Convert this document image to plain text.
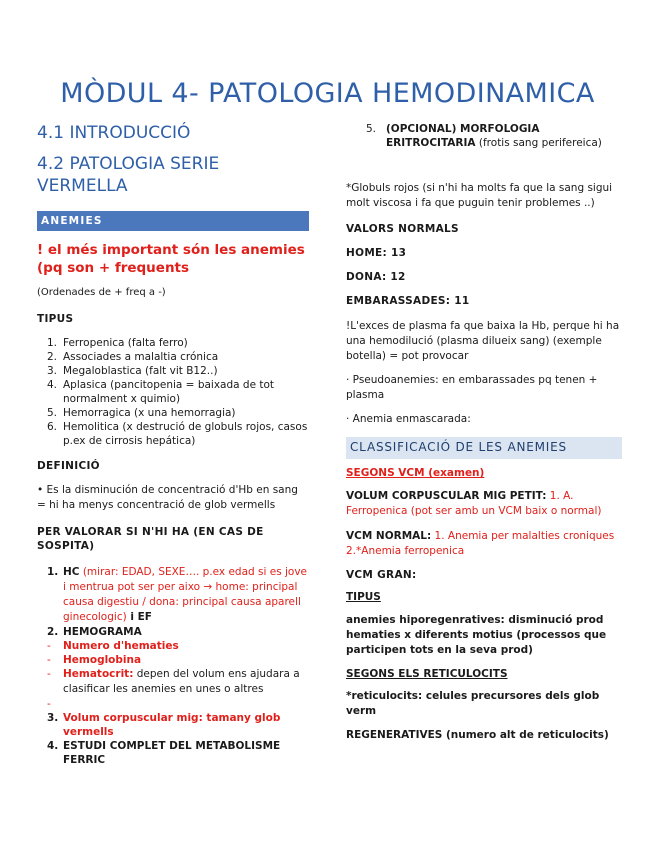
MÒDUL 4- PATOLOGIA HEMODINAMICA
4.1 INTRODUCCIÓ
4.2 PATOLOGIA SERIE VERMELLA
ANEMIES
! el més important són les anemies (pq son + frequents
(Ordenades de + freq a -)
TIPUS
1. Ferropenica (falta ferro)
2. Associades a malaltia crónica
3. Megaloblastica (falt vit B12..)
4. Aplasica (pancitopenia = baixada de tot normalment x quimio)
5. Hemorragica (x una hemorragia)
6. Hemolitica (x destrució de globuls rojos, casos p.ex de cirrosis hepática)
DEFINICIÓ
• Es la disminución de concentració d'Hb en sang = hi ha menys concentració de glob vermells
PER VALORAR SI N'HI HA (EN CAS DE SOSPITA)
1. HC (mirar: EDAD, SEXE…. p.ex edad si es jove i mentrua pot ser per aixo → home: principal causa digestiu / dona: principal causa aparell ginecologic) i EF
2. HEMOGRAMA
-	Numero d'hematies
-	Hemoglobina
-	Hematocrit: depen del volum ens ajudara a clasificar les anemies en unes o altres
-
3. Volum corpuscular mig: tamany glob vermells
4. ESTUDI COMPLET DEL METABOLISME FERRIC
5. (OPCIONAL) MORFOLOGIA ERITROCITARIA (frotis sang perifereica)
*Globuls rojos (si n'hi ha molts fa que la sang sigui molt viscosa i fa que puguin tenir problemes ..)
VALORS NORMALS
HOME: 13
DONA: 12
EMBARASSADES: 11
!L'exces de plasma fa que baixa la Hb, perque hi ha una hemodilució (plasma dilueix sang) (exemple botella) = pot provocar
· Pseudoanemies: en embarassades pq tenen + plasma
· Anemia enmascarada:
CLASSIFICACIÓ DE LES ANEMIES
SEGONS VCM (examen)
VOLUM CORPUSCULAR MIG PETIT: 1. A. Ferropenica (pot ser amb un VCM baix o normal)
VCM NORMAL: 1. Anemia per malalties croniques 2.*Anemia ferropenica
VCM GRAN:
TIPUS
anemies hiporegenratives: disminució prod hematies x diferents motius (processos que participen tots en la seva prod)
SEGONS ELS RETICULOCITS
*reticulocits: celules precursores dels glob verm
REGENERATIVES (numero alt de reticulocits)
